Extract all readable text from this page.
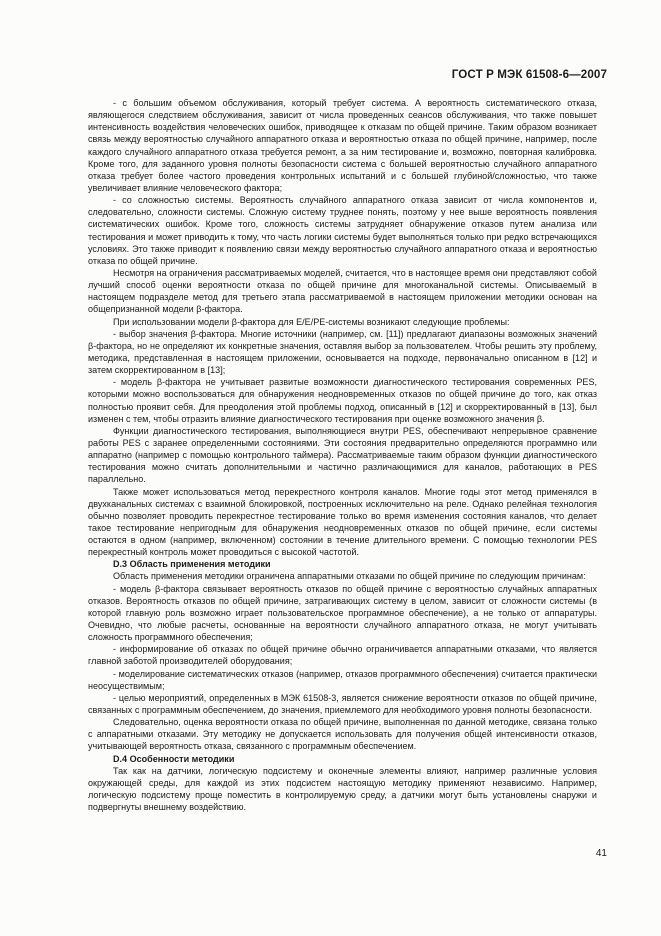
ГОСТ Р МЭК 61508-6—2007

- с большим объемом обслуживания, который требует система. А вероятность систематического отказа, являющегося следствием обслуживания, зависит от числа проведенных сеансов обслуживания, что также повышет интенсивность воздействия человеческих ошибок, приводящее к отказам по общей причине. Таким образом возникает связь между вероятностью случайного аппаратного отказа и вероятностью отказа по общей причине, например, после каждого случайного аппаратного отказа требуется ремонт, а за ним тестирование и, возможно, повторная калибровка. Кроме того, для заданного уровня полноты безопасности система с большей вероятностью случайного аппаратного отказа требует более частого проведения контрольных испытаний и с большей глубиной/сложностью, что также увеличивает влияние человеческого фактора;

- со сложностью системы. Вероятность случайного аппаратного отказа зависит от числа компонентов и, следовательно, сложности системы. Сложную систему труднее понять, поэтому у нее выше вероятность появления систематических ошибок. Кроме того, сложность системы затрудняет обнаружение отказов путем анализа или тестирования и может приводить к тому, что часть логики системы будет выполняться только при редко встречающихся условиях. Это также приводит к появлению связи между вероятностью случайного аппаратного отказа и вероятностью отказа по общей причине.

Несмотря на ограничения рассматриваемых моделей, считается, что в настоящее время они представляют собой лучший способ оценки вероятности отказа по общей причине для многоканальной системы. Описываемый в настоящем подразделе метод для третьего этапа рассматриваемой в настоящем приложении методики основан на общепризнанной модели β-фактора.

При использовании модели β-фактора для E/E/PE-системы возникают следующие проблемы:

- выбор значения β-фактора. Многие источники (например, см. [11]) предлагают диапазоны возможных значений β-фактора, но не определяют их конкретные значения, оставляя выбор за пользователем. Чтобы решить эту проблему, методика, представленная в настоящем приложении, основывается на подходе, первоначально описанном в [12] и затем скорректированном в [13];

- модель β-фактора не учитывает развитые возможности диагностического тестирования современных PES, которыми можно воспользоваться для обнаружения неодновременных отказов по общей причине до того, как отказ полностью проявит себя. Для преодоления этой проблемы подход, описанный в [12] и скорректированный в [13], был изменен с тем, чтобы отразить влияние диагностического тестирования при оценке возможного значения β.

Функции диагностического тестирования, выполняющиеся внутри PES, обеспечивают непрерывное сравнение работы PES с заранее определенными состояниями. Эти состояния предварительно определяются программно или аппаратно (например с помощью контрольного таймера). Рассматриваемые таким образом функции диагностического тестирования можно считать дополнительными и частично различающимися для каналов, работающих в PES параллельно.

Также может использоваться метод перекрестного контроля каналов. Многие годы этот метод применялся в двухканальных системах с взаимной блокировкой, построенных исключительно на реле. Однако релейная технология обычно позволяет проводить перекрестное тестирование только во время изменения состояния каналов, что делает такое тестирование непригодным для обнаружения неодновременных отказов по общей причине, если системы остаются в одном (например, включенном) состоянии в течение длительного времени. С помощью технологии PES перекрестный контроль может проводиться с высокой частотой.

D.3 Область применения методики

Область применения методики ограничена аппаратными отказами по общей причине по следующим причинам:

- модель β-фактора связывает вероятность отказов по общей причине с вероятностью случайных аппаратных отказов. Вероятность отказов по общей причине, затрагивающих систему в целом, зависит от сложности системы (в которой главную роль возможно играет пользовательское программное обеспечение), а не только от аппаратуры. Очевидно, что любые расчеты, основанные на вероятности случайного аппаратного отказа, не могут учитывать сложность программного обеспечения;

- информирование об отказах по общей причине обычно ограничивается аппаратными отказами, что является главной заботой производителей оборудования;

- моделирование систематических отказов (например, отказов программного обеспечения) считается практически неосуществимым;

- целью мероприятий, определенных в МЭК 61508-3, является снижение вероятности отказов по общей причине, связанных с программным обеспечением, до значения, приемлемого для необходимого уровня полноты безопасности.

Следовательно, оценка вероятности отказа по общей причине, выполненная по данной методике, связана только с аппаратными отказами. Эту методику не допускается использовать для получения общей интенсивности отказов, учитывающей вероятность отказа, связанного с программным обеспечением.

D.4 Особенности методики

Так как на датчики, логическую подсистему и оконечные элементы влияют, например различные условия окружающей среды, для каждой из этих подсистем настоящую методику применяют независимо. Например, логическую подсистему проще поместить в контролируемую среду, а датчики могут быть установлены снаружи и подвергнуты внешнему воздействию.

41
